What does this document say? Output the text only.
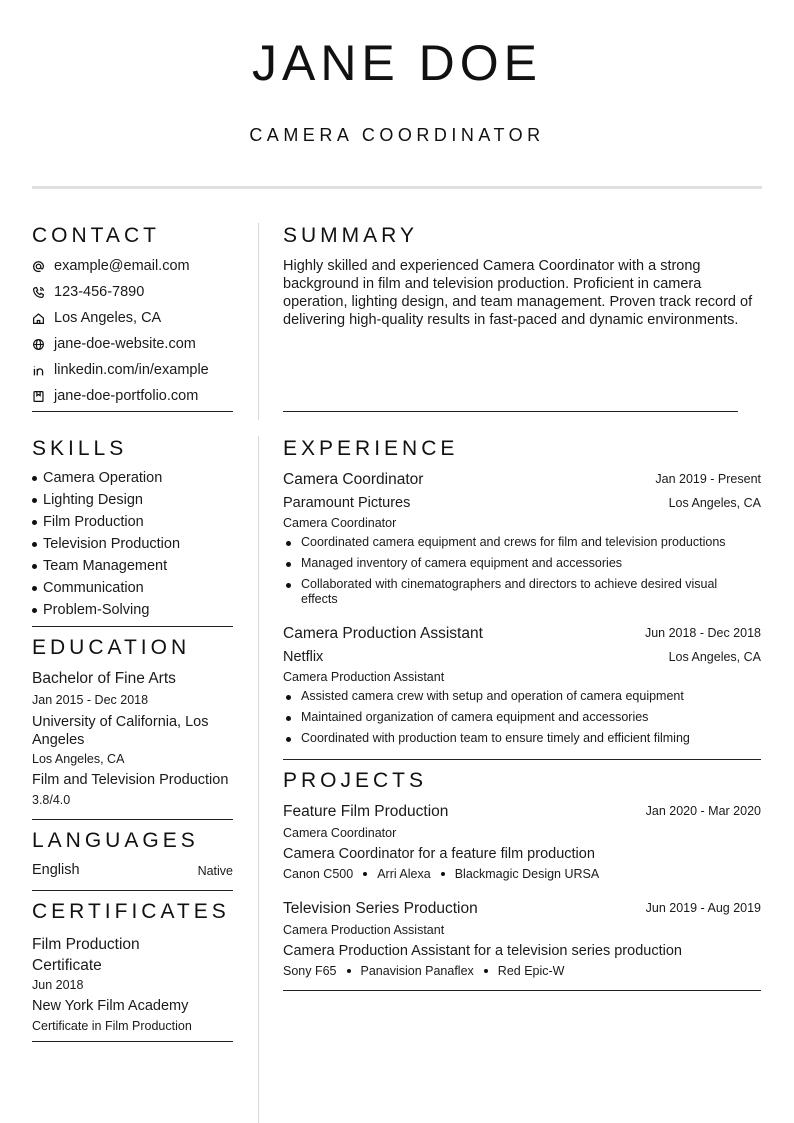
JANE DOE
CAMERA COORDINATOR
CONTACT
example@email.com
123-456-7890
Los Angeles, CA
jane-doe-website.com
linkedin.com/in/example
jane-doe-portfolio.com
SUMMARY
Highly skilled and experienced Camera Coordinator with a strong background in film and television production. Proficient in camera operation, lighting design, and team management. Proven track record of delivering high-quality results in fast-paced and dynamic environments.
SKILLS
Camera Operation
Lighting Design
Film Production
Television Production
Team Management
Communication
Problem-Solving
EDUCATION
Bachelor of Fine Arts
Jan 2015 - Dec 2018
University of California, Los Angeles
Los Angeles, CA
Film and Television Production
3.8/4.0
LANGUAGES
English	Native
CERTIFICATES
Film Production Certificate
Jun 2018
New York Film Academy
Certificate in Film Production
EXPERIENCE
Camera Coordinator	Jan 2019 - Present
Paramount Pictures	Los Angeles, CA
Camera Coordinator
Coordinated camera equipment and crews for film and television productions
Managed inventory of camera equipment and accessories
Collaborated with cinematographers and directors to achieve desired visual effects
Camera Production Assistant	Jun 2018 - Dec 2018
Netflix	Los Angeles, CA
Camera Production Assistant
Assisted camera crew with setup and operation of camera equipment
Maintained organization of camera equipment and accessories
Coordinated with production team to ensure timely and efficient filming
PROJECTS
Feature Film Production	Jan 2020 - Mar 2020
Camera Coordinator
Camera Coordinator for a feature film production
Canon C500 Arri Alexa Blackmagic Design URSA
Television Series Production	Jun 2019 - Aug 2019
Camera Production Assistant
Camera Production Assistant for a television series production
Sony F65 Panavision Panaflex Red Epic-W
